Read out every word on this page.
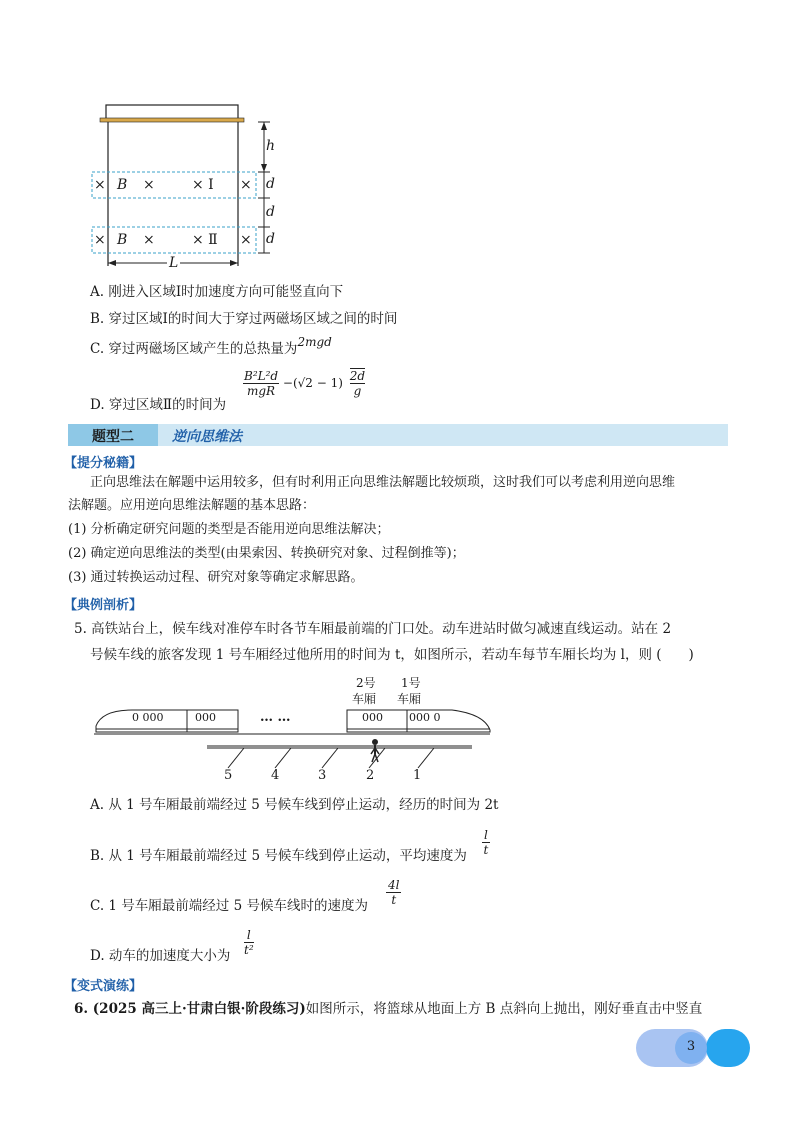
h
d
d
d
L
× B ×	× Ⅰ ×
× B ×	× Ⅱ ×
A. 刚进入区域Ⅰ时加速度方向可能竖直向下
B. 穿过区域Ⅰ的时间大于穿过两磁场区域之间的时间
C. 穿过两磁场区域产生的总热量为2mgd
D. 穿过区域Ⅱ的时间为
$\frac{\text{B²L²d}}{\text{mgR}} -(√2 - 1) \frac{2d}{g}$
题型二	逆向思维法
【提分秘籍】
正向思维法在解题中运用较多，但有时利用正向思维法解题比较烦琐，这时我们可以考虑利用逆向思维
法解题。应用逆向思维法解题的基本思路：
(1) 分析确定研究问题的类型是否能用逆向思维法解决；
(2) 确定逆向思维法的类型(由果索因、转换研究对象、过程倒推等)；
(3) 通过转换运动过程、研究对象等确定求解思路。
【典例剖析】
5. 高铁站台上，候车线对准停车时各节车厢最前端的门口处。动车进站时做匀减速直线运动。站在 2
号候车线的旅客发现 1 号车厢经过他所用的时间为 t，如图所示，若动车每节车厢长均为 l，则 (　　)
0 000	000	000 000 0
… …
2号
车厢
1号
车厢
5	4	3	2	1
A. 从 1 号车厢最前端经过 5 号候车线到停止运动，经历的时间为 2t
B. 从 1 号车厢最前端经过 5 号候车线到停止运动，平均速度为 $\frac{l}{t}$
C. 1 号车厢最前端经过 5 号候车线时的速度为 $\frac{4l}{t}$
D. 动车的加速度大小为 $\frac{l}{\text{t²}}$
【变式演练】
6. (2025 高三上·甘肃白银·阶段练习)如图所示，将篮球从地面上方 B 点斜向上抛出，刚好垂直击中竖直
3
